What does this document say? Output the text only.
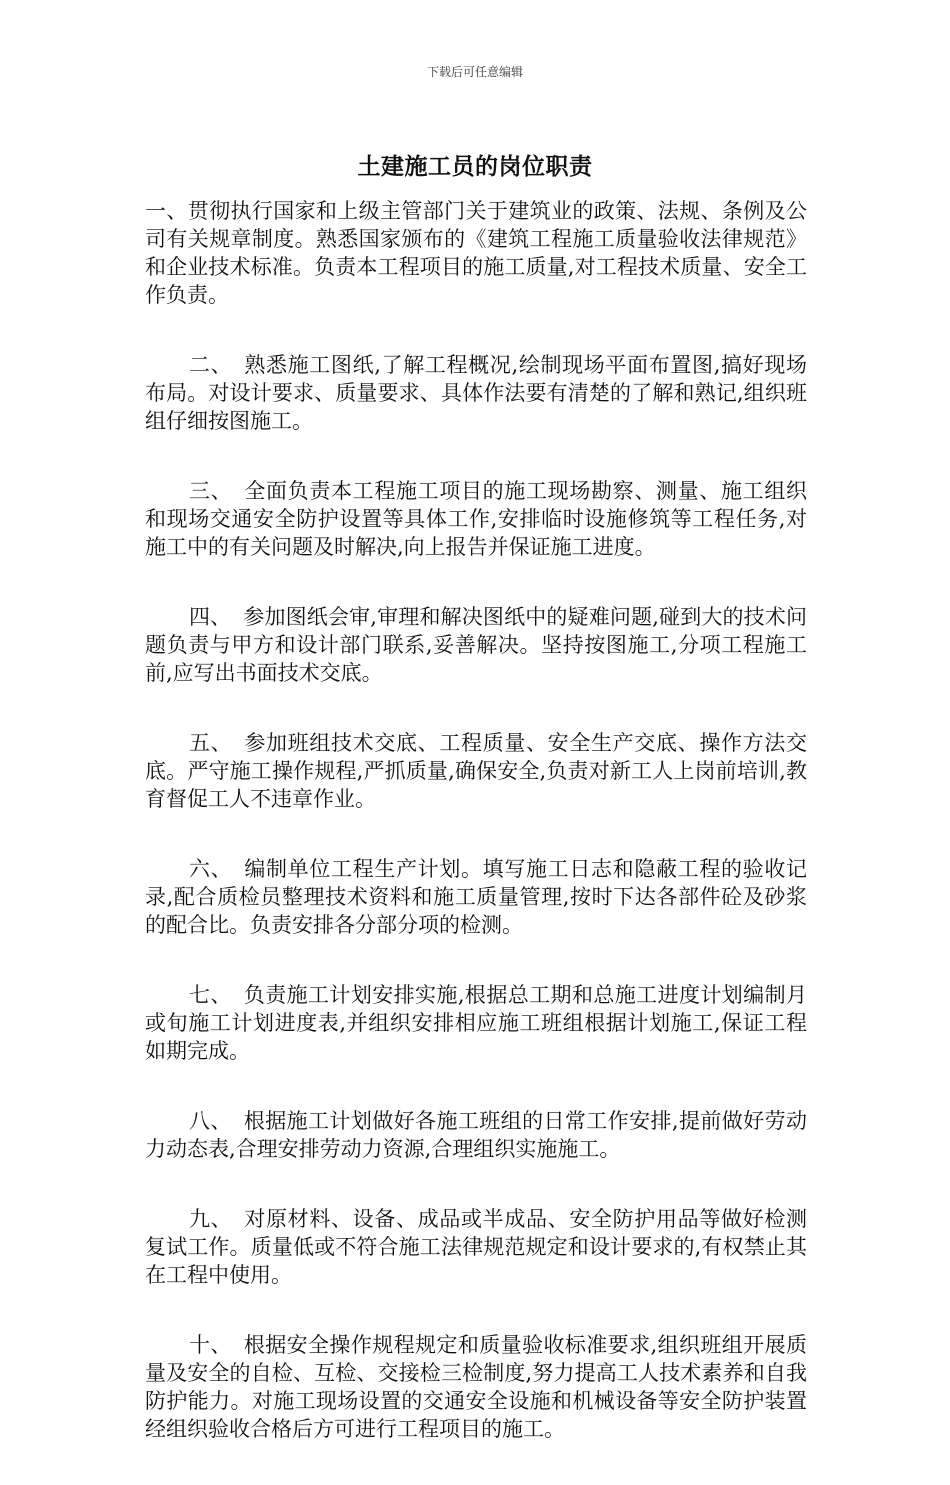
下载后可任意编辑
土建施工员的岗位职责

一、贯彻执行国家和上级主管部门关于建筑业的政策、法规、条例及公司有关规章制度。熟悉国家颁布的《建筑工程施工质量验收法律规范》和企业技术标准。负责本工程项目的施工质量,对工程技术质量、安全工作负责。

二、 熟悉施工图纸,了解工程概况,绘制现场平面布置图,搞好现场布局。对设计要求、质量要求、具体作法要有清楚的了解和熟记,组织班组仔细按图施工。

三、 全面负责本工程施工项目的施工现场勘察、测量、施工组织和现场交通安全防护设置等具体工作,安排临时设施修筑等工程任务,对施工中的有关问题及时解决,向上报告并保证施工进度。

四、 参加图纸会审,审理和解决图纸中的疑难问题,碰到大的技术问题负责与甲方和设计部门联系,妥善解决。坚持按图施工,分项工程施工前,应写出书面技术交底。

五、 参加班组技术交底、工程质量、安全生产交底、操作方法交底。严守施工操作规程,严抓质量,确保安全,负责对新工人上岗前培训,教育督促工人不违章作业。

六、 编制单位工程生产计划。填写施工日志和隐蔽工程的验收记录,配合质检员整理技术资料和施工质量管理,按时下达各部件砼及砂浆的配合比。负责安排各分部分项的检测。

七、 负责施工计划安排实施,根据总工期和总施工进度计划编制月或旬施工计划进度表,并组织安排相应施工班组根据计划施工,保证工程如期完成。

八、 根据施工计划做好各施工班组的日常工作安排,提前做好劳动力动态表,合理安排劳动力资源,合理组织实施施工。

九、 对原材料、设备、成品或半成品、安全防护用品等做好检测复试工作。质量低或不符合施工法律规范规定和设计要求的,有权禁止其在工程中使用。

十、 根据安全操作规程规定和质量验收标准要求,组织班组开展质量及安全的自检、互检、交接检三检制度,努力提高工人技术素养和自我防护能力。对施工现场设置的交通安全设施和机械设备等安全防护装置经组织验收合格后方可进行工程项目的施工。
